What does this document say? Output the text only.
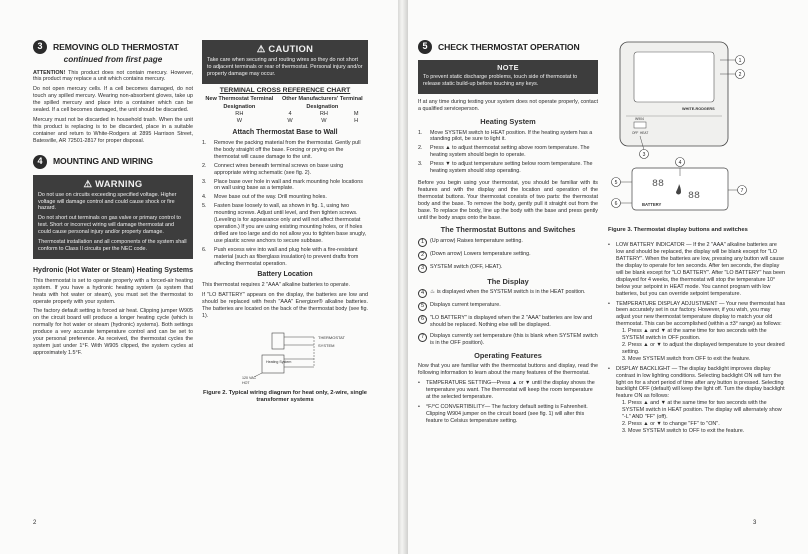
3	REMOVING OLD THERMOSTAT
continued from first page

ATTENTION! This product does not contain mercury. However, this product may replace a unit which contains mercury.

Do not open mercury cells. If a cell becomes damaged, do not touch any spilled mercury. Wearing non-absorbent gloves, take up the spilled mercury and place into a container which can be sealed. If a cell becomes damaged, the unit should be discarded.

Mercury must not be discarded in household trash. When the unit this product is replacing is to be discarded, place in a suitable container and return to White-Rodgers at 2895 Harrison Street, Batesville, AR 72501-2817 for proper disposal.

4	MOUNTING AND WIRING
⚠ WARNING
Do not use on circuits exceeding specified voltage. Higher voltage will damage control and could cause shock or fire hazard.
Do not short out terminals on gas valve or primary control to test. Short or incorrect wiring will damage thermostat and could cause personal injury and/or property damage.
Thermostat installation and all components of the system shall conform to Class II circuits per the NEC code.
Hydronic (Hot Water or Steam) Heating Systems

This thermostat is set to operate properly with a forced-air heating system. If you have a hydronic heating system (a system that heats with hot water or steam), you must set the thermostat to operate properly with your system.

The factory default setting is forced air heat. Clipping jumper W905 on the circuit board will produce a longer heating cycle (which is normally for hot water or steam (hydronic) systems). Both settings produce a very accurate temperature control and can be set to your personal preference. As received, the thermostat cycles the system just under 1°F. With W905 clipped, the system cycles at approximately 1.5°F.

⚠ CAUTION
Take care when securing and routing wires so they do not short to adjacent terminals or rear of thermostat. Personal injury and/or property damage may occur.
TERMINAL CROSS REFERENCE CHART
New Thermostat Terminal Designation	Other Manufacturers' Terminal Designation		
RH	4	RH	M
W	W	W	H
Attach Thermostat Base to Wall
1.	Remove the packing material from the thermostat. Gently pull the body straight off the base. Forcing or prying on the thermostat will cause damage to the unit.
2.	Connect wires beneath terminal screws on base using appropriate wiring schematic (see fig. 2).
3.	Place base over hole in wall and mark mounting hole locations on wall using base as a template.
4.	Move base out of the way. Drill mounting holes.
5.	Fasten base loosely to wall, as shown in fig. 1, using two mounting screws. Adjust until level, and then tighten screws. (Leveling is for appearance only and will not affect thermostat operation.) If you are using existing mounting holes, or if holes drilled are too large and do not allow you to tighten base snugly, use plastic screw anchors to secure subbase.
6.	Push excess wire into wall and plug hole with a fire-resistant material (such as fiberglass insulation) to prevent drafts from affecting thermostat operation.
Battery Location

This thermostat requires 2 "AAA" alkaline batteries to operate.

If "LO BATTERY" appears on the display, the batteries are low and should be replaced with fresh "AAA" Energizer® alkaline batteries. The batteries are located on the back of the thermostat body (see fig. 1).

Heating System
THERMOSTAT
SYSTEM
120 VAC
HOT
Figure 2. Typical wiring diagram for heat only, 2-wire, single transformer systems
2
5	CHECK THERMOSTAT OPERATION
NOTE
To prevent static discharge problems, touch side of thermostat to release static build-up before touching any keys.

If at any time during testing your system does not operate properly, contact a qualified serviceperson.

Heating System
1.	Move SYSTEM switch to HEAT position. If the heating system has a standing pilot, be sure to light it.
2.	Press ▲ to adjust thermostat setting above room temperature. The heating system should begin to operate.
3.	Press ▼ to adjust temperature setting below room temperature. The heating system should stop operating.

Before you begin using your thermostat, you should be familiar with its features and with the display and the location and operation of the thermostat buttons. Your thermostat consists of two parts: the thermostat body and the base. To remove the body, gently pull it straight out from the base. To replace the body, line up the body with the base and press gently until the body snaps onto the base.

The Thermostat Buttons and Switches
1	(Up arrow) Raises temperature setting.
2	(Down arrow) Lowers temperature setting.
3	SYSTEM switch (OFF, HEAT).
The Display
4	♨ is displayed when the SYSTEM switch is in the HEAT position.
5	Displays current temperature.
6	"LO BATTERY" is displayed when the 2 "AAA" batteries are low and should be replaced. Nothing else will be displayed.
7	Displays currently set temperature (this is blank when SYSTEM switch is in the OFF position).
Operating Features

Now that you are familiar with the thermostat buttons and display, read the following information to learn about the many features of the thermostat.

• TEMPERATURE SETTING—Press ▲ or ▼ until the display shows the temperature you want. The thermostat will keep the room temperature at the selected temperature.
• °F/°C CONVERTIBILITY— The factory default setting is Fahrenheit. Clipping W904 jumper on the circuit board (see fig. 1) will alter this feature to Celsius temperature setting.
WHITE-RODGERS
W904
OFF HEAT
1
2
3
88
88
BATTERY
4
5
6
7
Figure 3. Thermostat display buttons and switches
• LOW BATTERY INDICATOR — If the 2 "AAA" alkaline batteries are low and should be replaced, the display will be blank except for "LO BATTERY". When the batteries are low, pressing any button will cause the display to operate for ten seconds. After ten seconds, the display will be blank except for "LO BATTERY". After "LO BATTERY" has been displayed for 4 weeks, the thermostat will stop the temperature 10° below your setpoint in HEAT mode. You cannot program with low batteries, but you can override setpoint temperature.
• TEMPERATURE DISPLAY ADJUSTMENT — Your new thermostat has been accurately set in our factory. However, if you wish, you may adjust your new thermostat temperature display to match your old thermostat. This can be accomplished (within a ±3° range) as follows:
1. Press ▲ and ▼ at the same time for two seconds with the SYSTEM switch in OFF position.
2. Press ▲ or ▼ to adjust the displayed temperature to your desired setting.
3. Move SYSTEM switch from OFF to exit the feature.
• DISPLAY BACKLIGHT — The display backlight improves display contrast in low lighting conditions. Selecting backlight ON will turn the light on for a short period of time after any button is pressed. Selecting backlight OFF (default) will keep the light off. Turn the display backlight feature ON as follows:
1. Press ▲ and ▼ at the same time for two seconds with the SYSTEM switch in HEAT position. The display will alternately show "-L" AND "FF" (off).
2. Press ▲ or ▼ to change "FF" to "ON".
3. Move SYSTEM switch to OFF to exit the feature.
3
